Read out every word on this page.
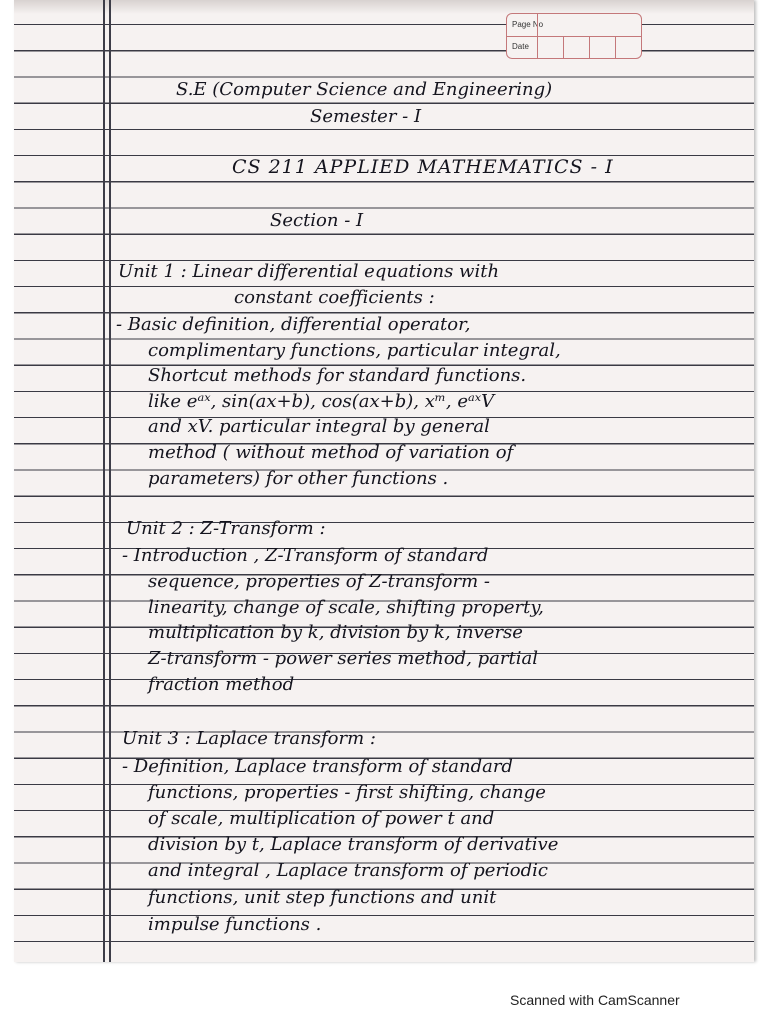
Page No
Date
S.E (Computer Science and Engineering)
Semester - I
CS 211 APPLIED MATHEMATICS - I
Section - I
Unit 1 : Linear differential equations with
constant coefficients :
- Basic definition, differential operator,
complimentary functions, particular integral,
Shortcut methods for standard functions.
like eᵃˣ, sin(ax+b), cos(ax+b), xᵐ, eᵃˣV
and xV. particular integral by general
method ( without method of variation of
parameters) for other functions .
Unit 2 : Z-Transform :
- Introduction , Z-Transform of standard
sequence, properties of Z-transform -
linearity, change of scale, shifting property,
multiplication by k, division by k, inverse
Z-transform - power series method, partial
fraction method
Unit 3 : Laplace transform :
- Definition, Laplace transform of standard
functions, properties - first shifting, change
of scale, multiplication of power t and
division by t, Laplace transform of derivative
and integral , Laplace transform of periodic
functions, unit step functions and unit
impulse functions .
Scanned with CamScanner
